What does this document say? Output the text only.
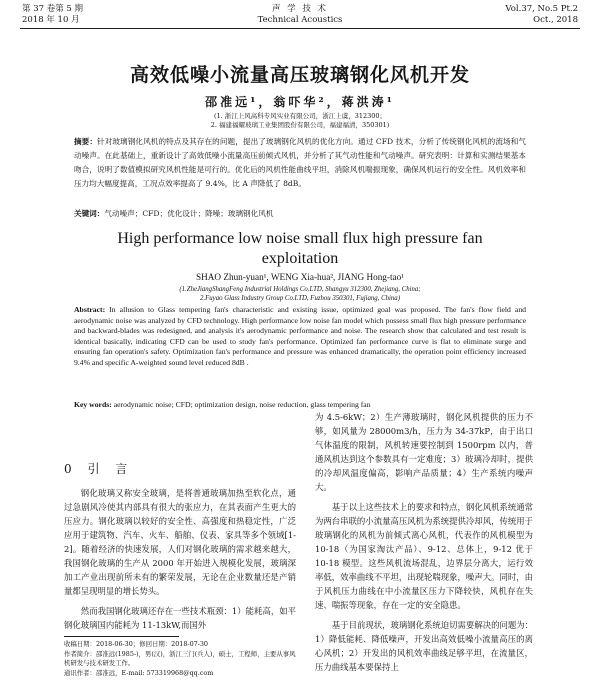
第 37 卷第 5 期
2018 年 10 月
声 学 技 术
Technical Acoustics
Vol.37, No.5 Pt.2
Oct., 2018
高效低噪小流量高压玻璃钢化风机开发
邵准远¹，翁吓华²，蒋洪涛¹
(1. 浙江上风高科专风实业有限公司，浙江上虞，312300；
2. 福建福耀玻璃工业集团股份有限公司，福建福清，350301)
摘要：针对玻璃钢化风机的特点及其存在的问题，提出了玻璃钢化风机的优化方向。通过 CFD 技术，分析了传统钢化风机的流场和气动噪声。在此基础上，重新设计了高效低噪小流量高压前倾式风机，并分析了其气动性能和气动噪声。研究表明：计算和实测结果基本吻合，说明了数值模拟研究风机性能是可行的。优化后的风机性能曲线平坦，消除风机喘振现象，确保风机运行的安全性。风机效率和压力均大幅度提高，工况点效率提高了 9.4%，比 A 声降低了 8dB。
关键词：气动噪声；CFD；优化设计；降噪；玻璃钢化风机
High performance low noise small flux high pressure fan
exploitation
SHAO Zhun-yuan¹, WENG Xia-hua², JIANG Hong-tao¹
(1.ZheJiangShangFeng Industrial Holdings Co.LTD, Shangyu 312300, Zhejiang, China;
2.Fuyao Glass Industry Group Co.LTD, Fuzhou 350301, Fujiang, China)
Abstract: In allusion to Glass tempering fan's characteristic and existing issue, optimized goal was proposed. The fan's flow field and aerodynamic noise was analyzed by CFD technology. High performance low noise fan model which possess small flux high pressure performance and backward-blades was redesigned, and analysis it's aerodynamic performance and noise. The research show that calculated and test result is identical basically, indicating CFD can be used to study fan's performance. Optimized fan performance curve is flat to eliminate surge and ensuring fan operation's safety. Optimization fan's performance and pressure was enhanced dramatically, the operation point efficiency increased 9.4% and specific A-weighted sound level reduced 8dB .
Key words: aerodynamic noise; CFD; optimization design, noise reduction, glass tempering fan
0 引 言

钢化玻璃又称安全玻璃，是将普通玻璃加热至软化点，通过急剧风冷使其内部具有很大的张应力，在其表面产生更大的压应力。钢化玻璃以较好的安全性、高强度和热稳定性，广泛应用于建筑物、汽车、火车、船舶、仪表、家具等多个领域[1-2]。随着经济的快速发展，人们对钢化玻璃的需求越来越大，我国钢化玻璃的生产从 2000 年开始进入规模化发展，玻璃深加工产业出现前所未有的繁荣发展，无论在企业数量还是产销量都呈现明显的增长势头。

然而我国钢化玻璃还存在一些技术瓶颈：1）能耗高，如平钢化玻璃国内能耗为 11-13kW,而国外

为 4.5-6kW；2）生产薄玻璃时，钢化风机提供的压力不够，如风量为 28000m3/h，压力为 34-37kP，由于出口气体温度的限制，风机转速要控制到 1500rpm 以内，普通风机达到这个参数具有一定难度；3）玻璃冷却时，提供的冷却风温度偏高，影响产品质量；4）生产系统内噪声大。

基于以上这些技术上的要求和特点，钢化风机系统通常为两台串联的小流量高压风机为系统提供冷却风，传统用于玻璃钢化的风机为前倾式离心风机，代表作的风机模型为 10-18（为国家淘汰产品）、9-12、总体上，9-12 优于 10-18 模型。这些风机流场混乱，边界层分离大，运行效率低，效率曲线不平坦，出现轮喘现象，噪声大。同时，由于风机压力曲线在中小流量区压力下降较快，风机存在失速、喘振等现象，存在一定的安全隐患。

基于目前现状，玻璃钢化系统迫切需要解决的问题为：1）降低能耗、降低噪声，开发出高效低噪小流量高压的离心风机；2）开发出的风机效率曲线足够平坦，在流量区，压力曲线基本要保持上

收稿日期：2018-06-30；修回日期：2018-07-30
作者简介：邵准远(1985-)，男(汉)，浙江三门(兵人)，硕士，工程师，主要从事风机研发与技术研发工作。
通讯作者：邵准远，E-mail: 573319968@qq.com
